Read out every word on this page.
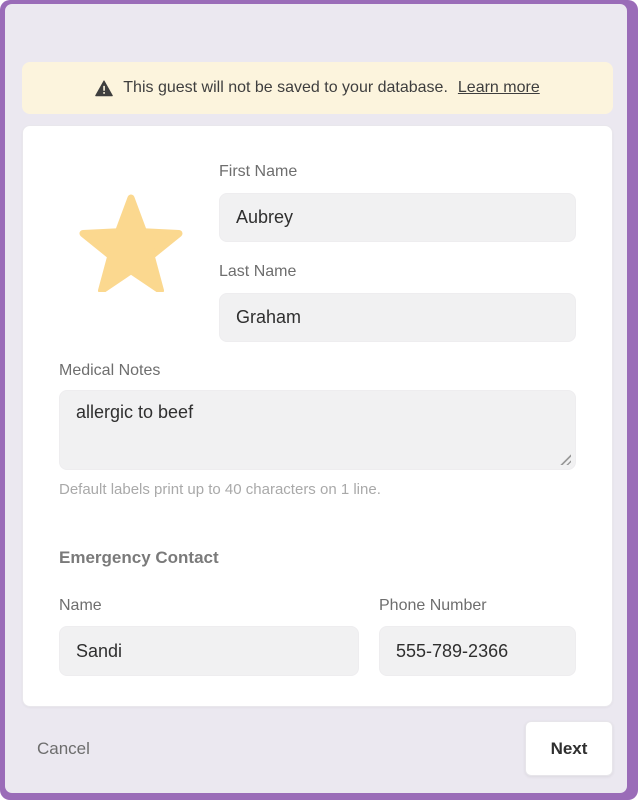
This guest will not be saved to your database. Learn more
First Name
Aubrey
Last Name
Graham
Medical Notes
allergic to beef
Default labels print up to 40 characters on 1 line.
Emergency Contact
Name
Sandi	Phone Number
555-789-2366
Cancel	Next
